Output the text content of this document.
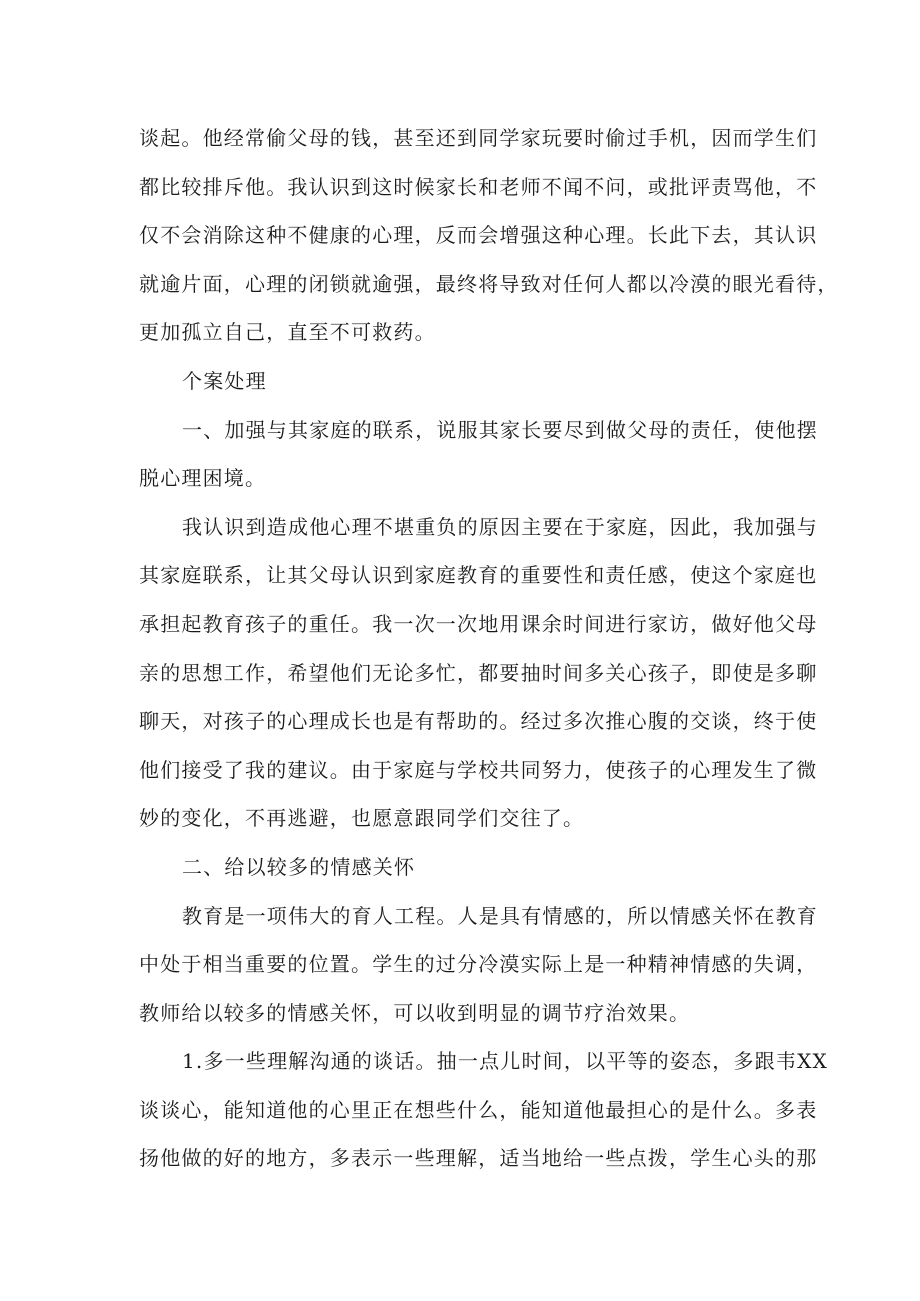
谈起。他经常偷父母的钱，甚至还到同学家玩要时偷过手机，因而学生们
都比较排斥他。我认识到这时候家长和老师不闻不问，或批评责骂他，不
仅不会消除这种不健康的心理，反而会增强这种心理。长此下去，其认识
就逾片面，心理的闭锁就逾强，最终将导致对任何人都以冷漠的眼光看待，
更加孤立自己，直至不可救药。
个案处理
一、加强与其家庭的联系，说服其家长要尽到做父母的责任，使他摆
脱心理困境。
我认识到造成他心理不堪重负的原因主要在于家庭，因此，我加强与
其家庭联系，让其父母认识到家庭教育的重要性和责任感，使这个家庭也
承担起教育孩子的重任。我一次一次地用课余时间进行家访，做好他父母
亲的思想工作，希望他们无论多忙，都要抽时间多关心孩子，即使是多聊
聊天，对孩子的心理成长也是有帮助的。经过多次推心腹的交谈，终于使
他们接受了我的建议。由于家庭与学校共同努力，使孩子的心理发生了微
妙的变化，不再逃避，也愿意跟同学们交往了。
二、给以较多的情感关怀
教育是一项伟大的育人工程。人是具有情感的，所以情感关怀在教育
中处于相当重要的位置。学生的过分冷漠实际上是一种精神情感的失调，
教师给以较多的情感关怀，可以收到明显的调节疗治效果。
1.多一些理解沟通的谈话。抽一点儿时间，以平等的姿态，多跟韦XX
谈谈心，能知道他的心里正在想些什么，能知道他最担心的是什么。多表
扬他做的好的地方，多表示一些理解，适当地给一些点拨，学生心头的那
